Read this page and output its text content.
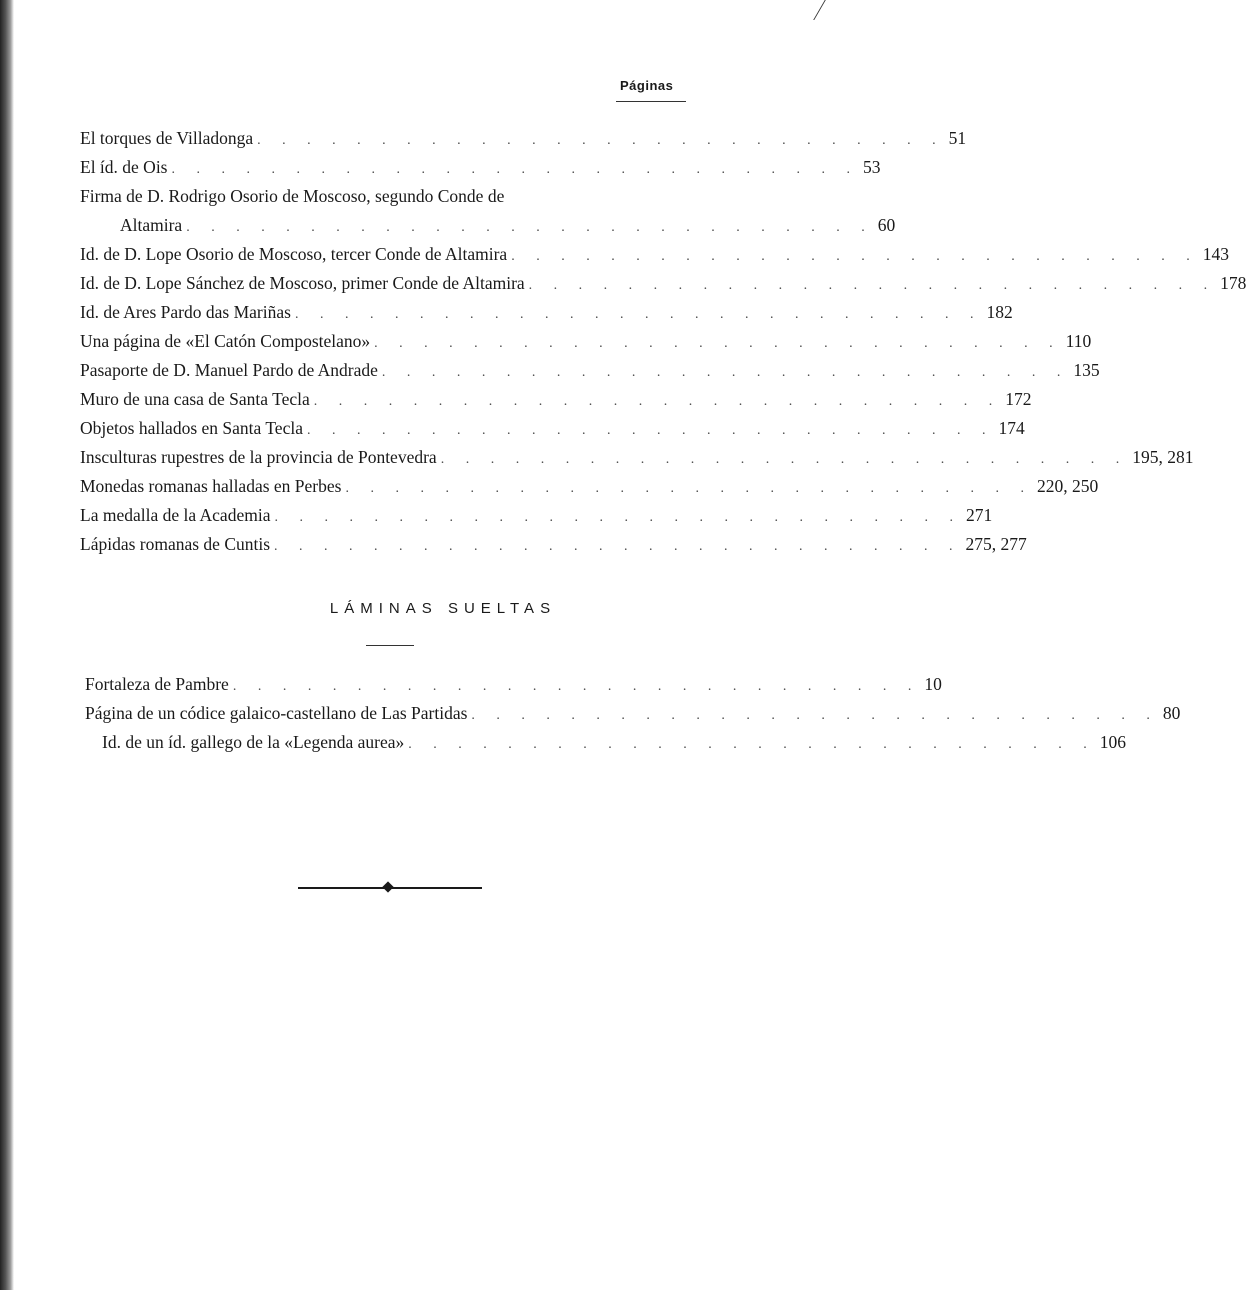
Páginas
El torques de Villadonga . . . . . . . . . . . . . . . . . . . . . . . . . . . . 51
El íd. de Ois . . . . . . . . . . . . . . . . . . . . . . . . . . . . 53
Firma de D. Rodrigo Osorio de Moscoso, segundo Conde de
Altamira . . . . . . . . . . . . . . . . . . . . . . . . . . . . 60
Id. de D. Lope Osorio de Moscoso, tercer Conde de Altamira . . . . . . . . . . . . . . . . . . . . . . . . . . . . 143
Id. de D. Lope Sánchez de Moscoso, primer Conde de Altamira . . . . . . . . . . . . . . . . . . . . . . . . . . . . 178
Id. de Ares Pardo das Mariñas . . . . . . . . . . . . . . . . . . . . . . . . . . . . 182
Una página de «El Catón Compostelano» . . . . . . . . . . . . . . . . . . . . . . . . . . . . 110
Pasaporte de D. Manuel Pardo de Andrade . . . . . . . . . . . . . . . . . . . . . . . . . . . . 135
Muro de una casa de Santa Tecla . . . . . . . . . . . . . . . . . . . . . . . . . . . . 172
Objetos hallados en Santa Tecla . . . . . . . . . . . . . . . . . . . . . . . . . . . . 174
Insculturas rupestres de la provincia de Pontevedra . . . . . . . . . . . . . . . . . . . . . . . . . . . . 195, 281
Monedas romanas halladas en Perbes . . . . . . . . . . . . . . . . . . . . . . . . . . . . 220, 250
La medalla de la Academia . . . . . . . . . . . . . . . . . . . . . . . . . . . . 271
Lápidas romanas de Cuntis . . . . . . . . . . . . . . . . . . . . . . . . . . . . 275, 277
LÁMINAS SUELTAS
Fortaleza de Pambre . . . . . . . . . . . . . . . . . . . . . . . . . . . . 10
Página de un códice galaico-castellano de Las Partidas . . . . . . . . . . . . . . . . . . . . . . . . . . . . 80
Id. de un íd. gallego de la «Legenda aurea» . . . . . . . . . . . . . . . . . . . . . . . . . . . . 106
